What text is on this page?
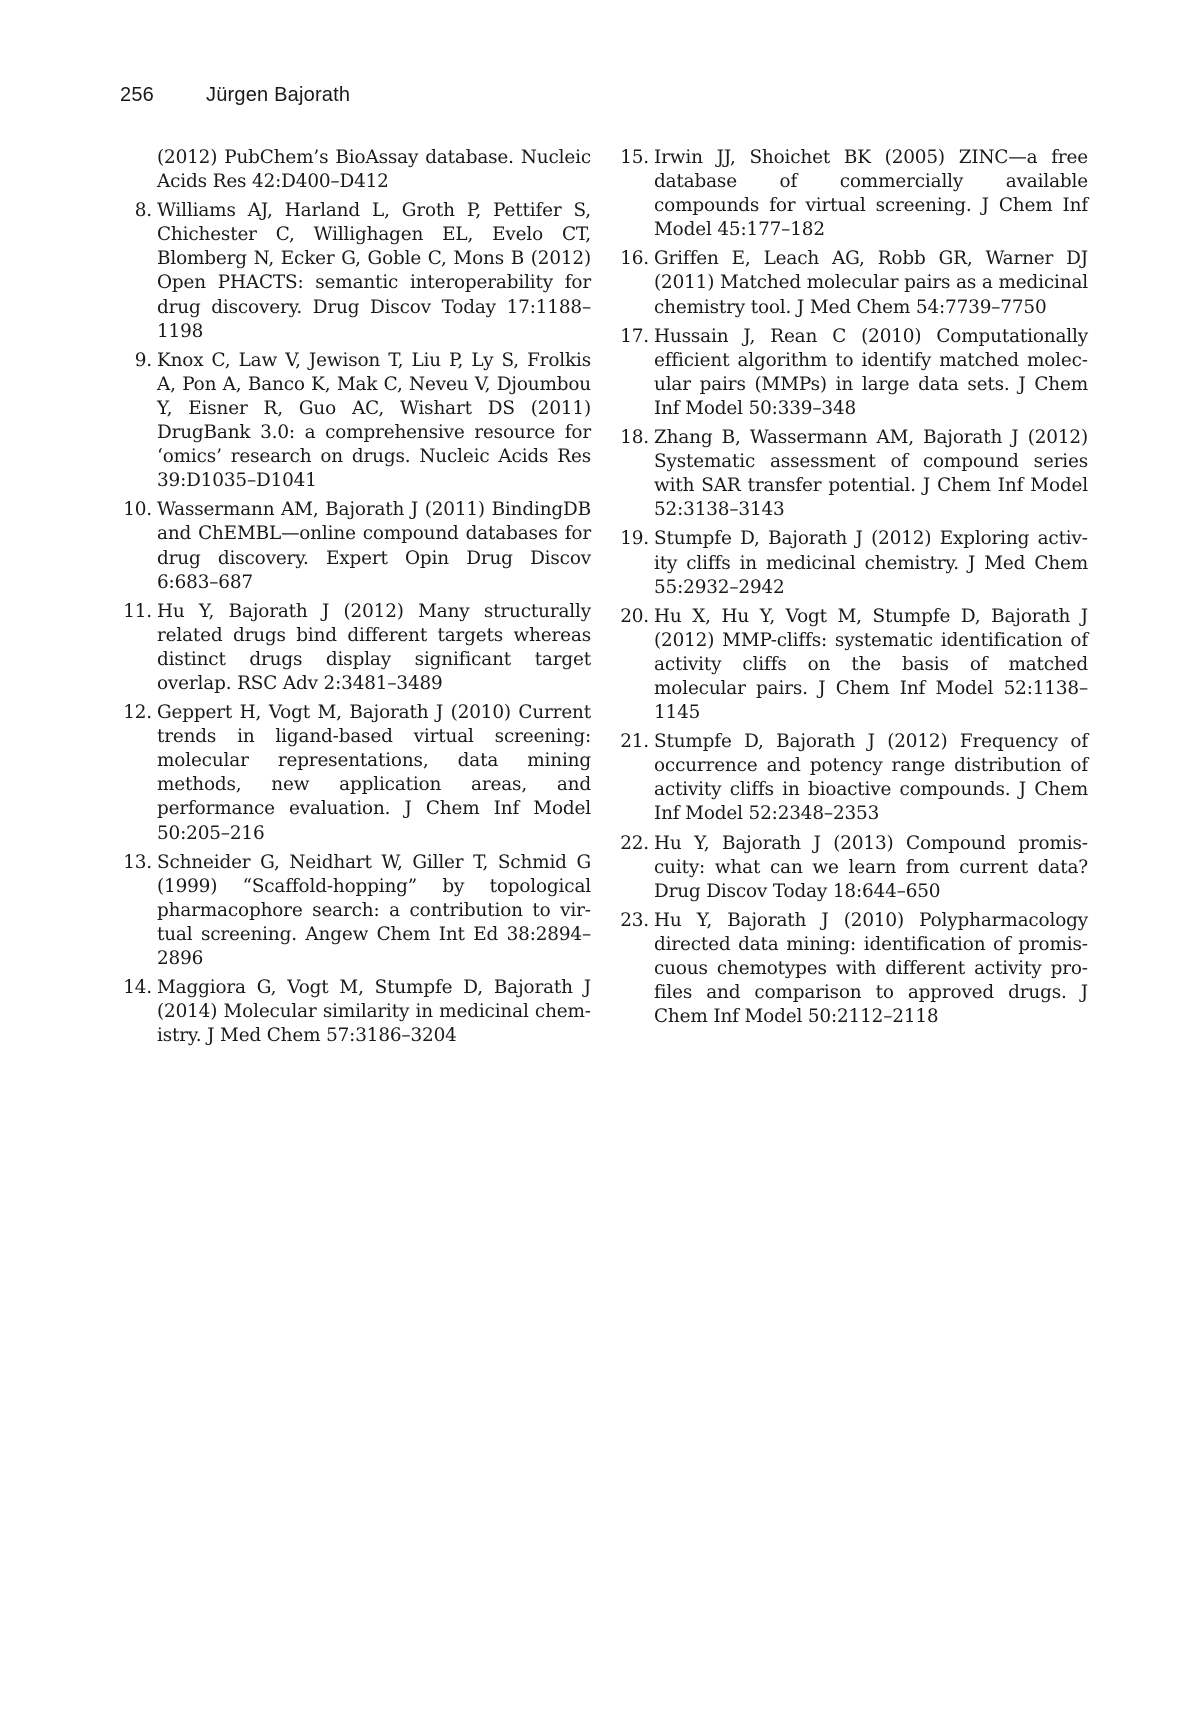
256	Jürgen Bajorath
(2012) PubChem’s BioAssay database. Nucleic Acids Res 42:D400–D412
8. Williams AJ, Harland L, Groth P, Pettifer S, Chichester C, Willighagen EL, Evelo CT, Blomberg N, Ecker G, Goble C, Mons B (2012) Open PHACTS: semantic interoperability for drug discovery. Drug Discov Today 17:1188–1198
9. Knox C, Law V, Jewison T, Liu P, Ly S, Frolkis A, Pon A, Banco K, Mak C, Neveu V, Djoumbou Y, Eisner R, Guo AC, Wishart DS (2011) DrugBank 3.0: a comprehensive resource for ‘omics’ research on drugs. Nucleic Acids Res 39:D1035–D1041
10. Wassermann AM, Bajorath J (2011) BindingDB and ChEMBL—online compound databases for drug discovery. Expert Opin Drug Discov 6:683–687
11. Hu Y, Bajorath J (2012) Many structurally related drugs bind different targets whereas distinct drugs display significant target overlap. RSC Adv 2:3481–3489
12. Geppert H, Vogt M, Bajorath J (2010) Current trends in ligand-based virtual screening: molecular representations, data mining methods, new application areas, and performance evaluation. J Chem Inf Model 50:205–216
13. Schneider G, Neidhart W, Giller T, Schmid G (1999) “Scaffold-hopping” by topological pharmacophore search: a contribution to virtual screening. Angew Chem Int Ed 38:2894–2896
14. Maggiora G, Vogt M, Stumpfe D, Bajorath J (2014) Molecular similarity in medicinal chemistry. J Med Chem 57:3186–3204
15. Irwin JJ, Shoichet BK (2005) ZINC—a free database of commercially available compounds for virtual screening. J Chem Inf Model 45:177–182
16. Griffen E, Leach AG, Robb GR, Warner DJ (2011) Matched molecular pairs as a medicinal chemistry tool. J Med Chem 54:7739–7750
17. Hussain J, Rean C (2010) Computationally efficient algorithm to identify matched molecular pairs (MMPs) in large data sets. J Chem Inf Model 50:339–348
18. Zhang B, Wassermann AM, Bajorath J (2012) Systematic assessment of compound series with SAR transfer potential. J Chem Inf Model 52:3138–3143
19. Stumpfe D, Bajorath J (2012) Exploring activity cliffs in medicinal chemistry. J Med Chem 55:2932–2942
20. Hu X, Hu Y, Vogt M, Stumpfe D, Bajorath J (2012) MMP-cliffs: systematic identification of activity cliffs on the basis of matched molecular pairs. J Chem Inf Model 52:1138–1145
21. Stumpfe D, Bajorath J (2012) Frequency of occurrence and potency range distribution of activity cliffs in bioactive compounds. J Chem Inf Model 52:2348–2353
22. Hu Y, Bajorath J (2013) Compound promiscuity: what can we learn from current data? Drug Discov Today 18:644–650
23. Hu Y, Bajorath J (2010) Polypharmacology directed data mining: identification of promiscuous chemotypes with different activity profiles and comparison to approved drugs. J Chem Inf Model 50:2112–2118
